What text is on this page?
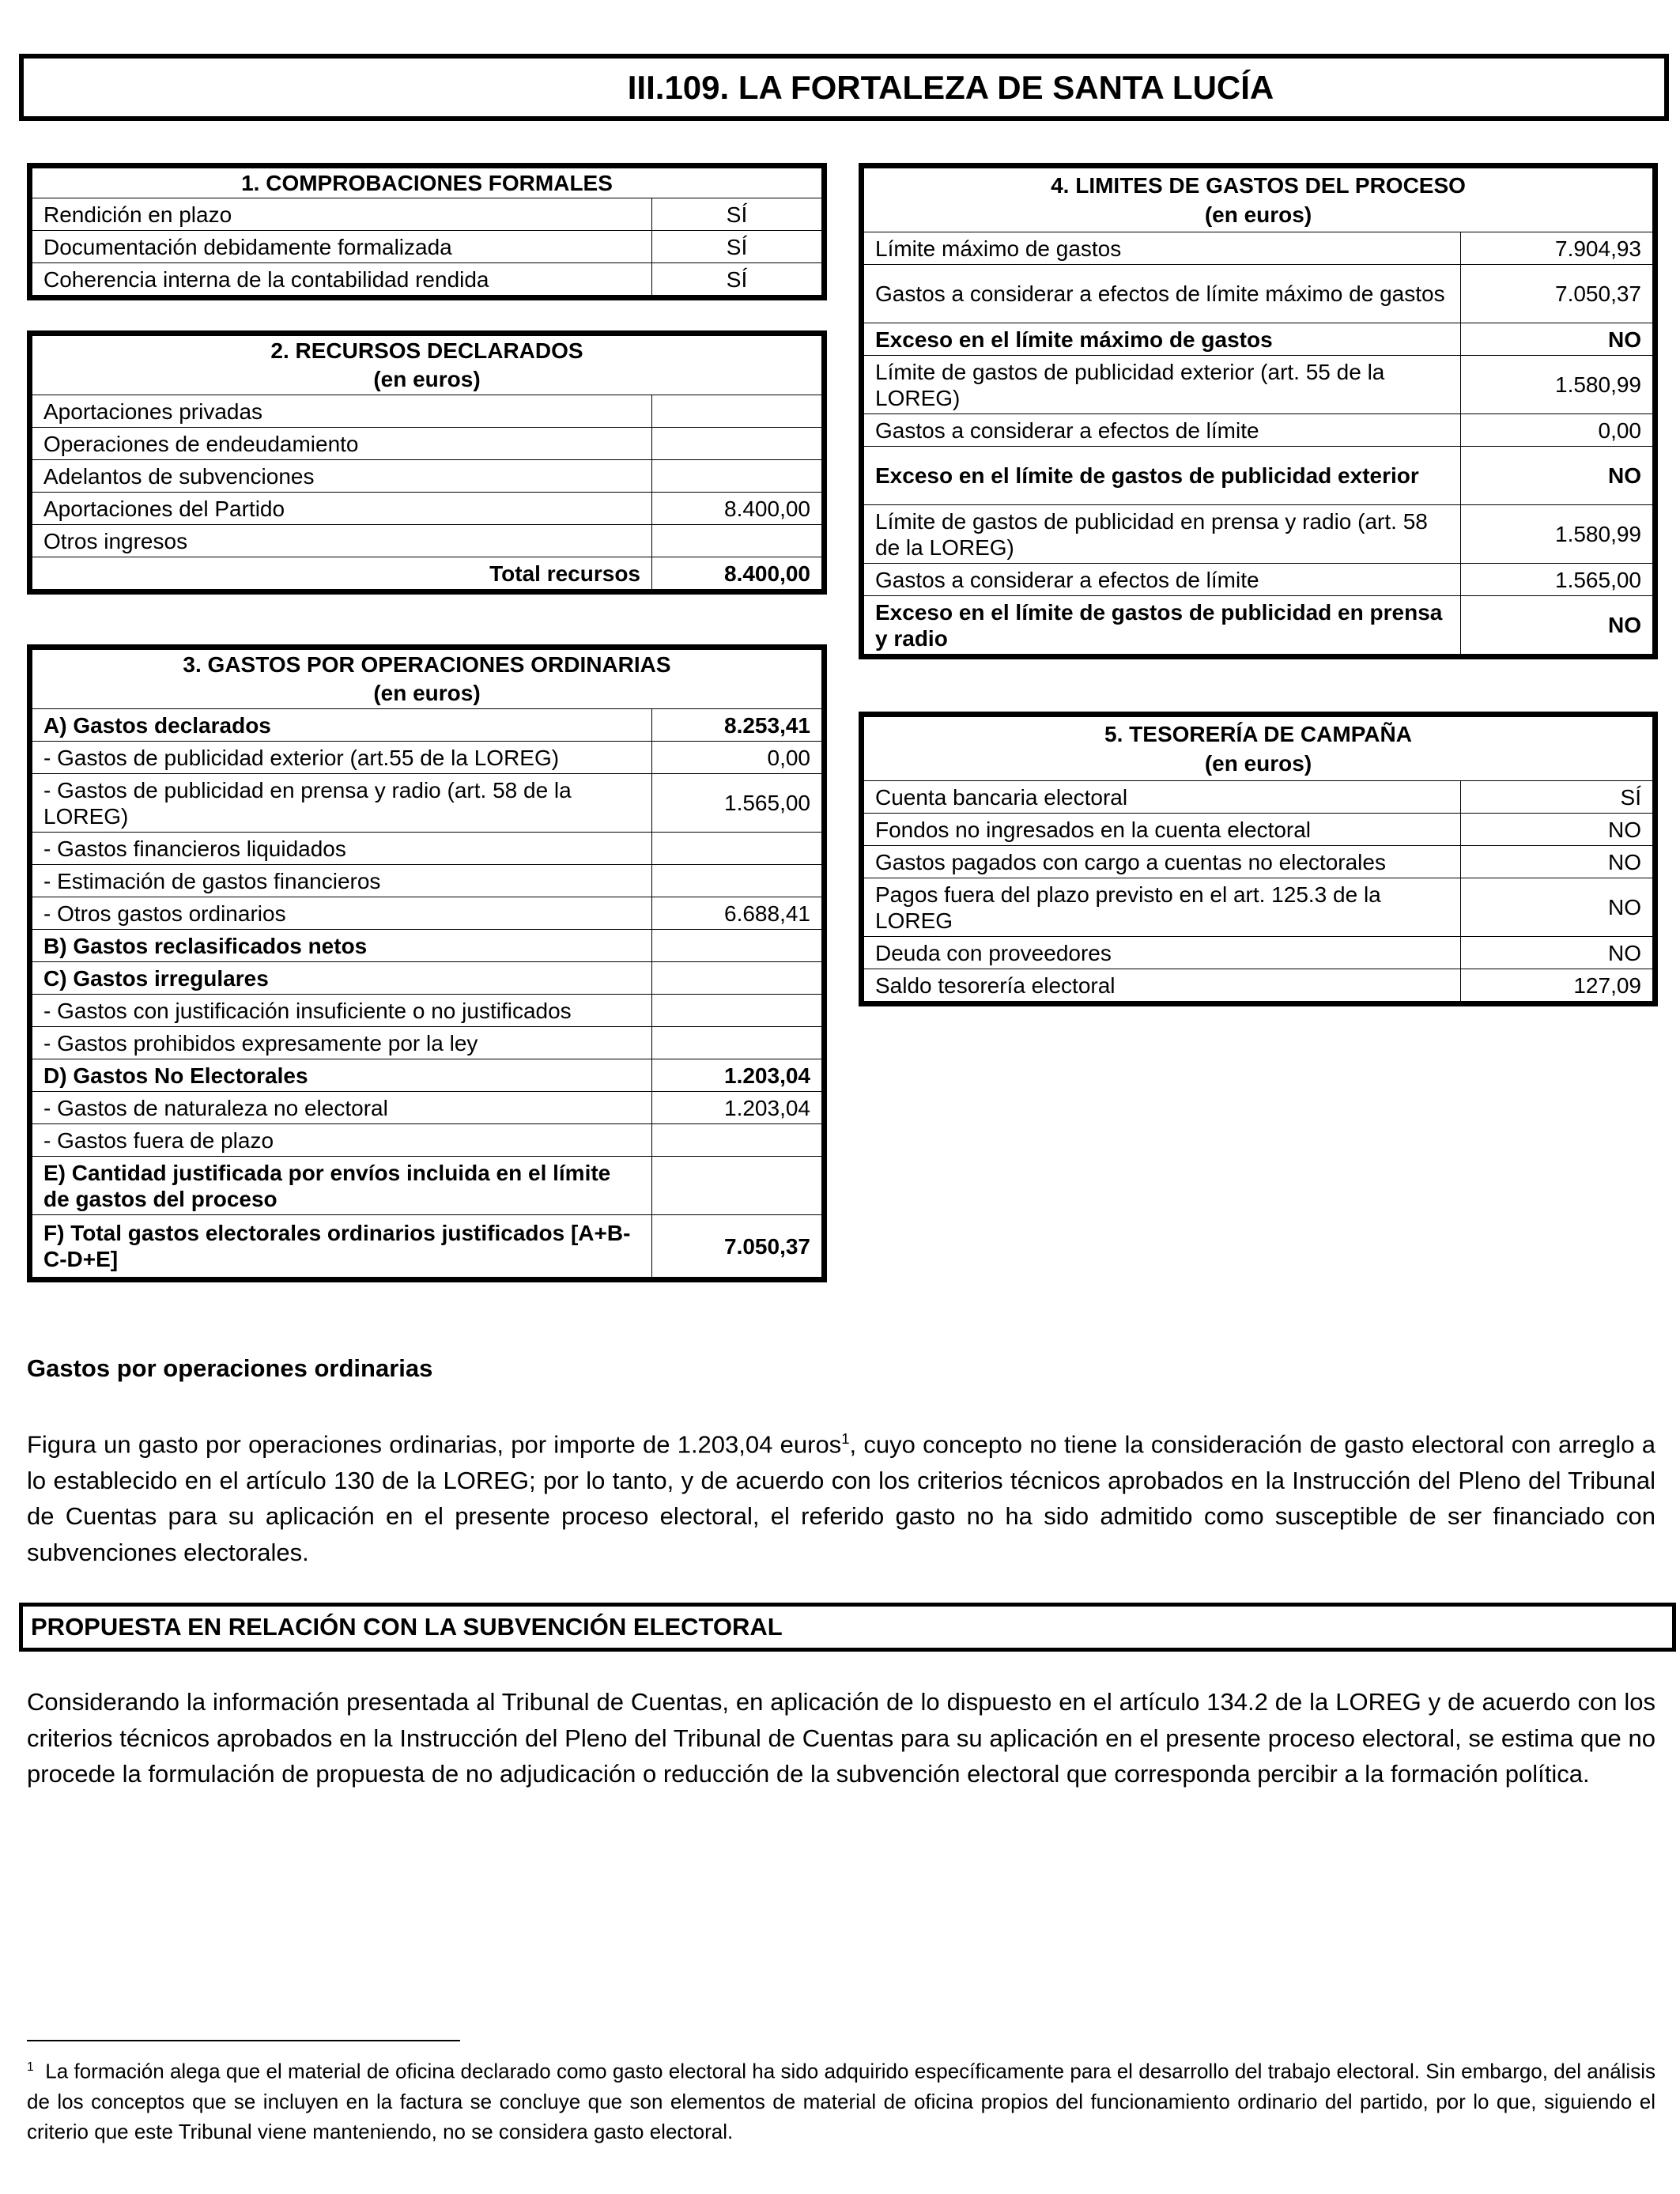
III.109. LA FORTALEZA DE SANTA LUCÍA
1. COMPROBACIONES FORMALES	
Rendición en plazo	SÍ
Documentación debidamente formalizada	SÍ
Coherencia interna de la contabilidad rendida	SÍ
2. RECURSOS DECLARADOS
(en euros)	

Aportaciones privadas	
Operaciones de endeudamiento	
Adelantos de subvenciones	
Aportaciones del Partido	8.400,00
Otros ingresos	
Total recursos	8.400,00
3. GASTOS POR OPERACIONES ORDINARIAS
(en euros)	

A) Gastos declarados	8.253,41
- Gastos de publicidad exterior (art.55 de la LOREG)	0,00
- Gastos de publicidad en prensa y radio (art. 58 de la LOREG)	1.565,00
- Gastos financieros liquidados	
- Estimación de gastos financieros	
- Otros gastos ordinarios	6.688,41
B) Gastos reclasificados netos	
C) Gastos irregulares	
- Gastos con justificación insuficiente o no justificados	
- Gastos prohibidos expresamente por la ley	
D) Gastos No Electorales	1.203,04
- Gastos de naturaleza no electoral	1.203,04
- Gastos fuera de plazo	
E) Cantidad justificada por envíos incluida en el límite de gastos del proceso	
F) Total gastos electorales ordinarios justificados [A+B-C-D+E]	7.050,37
4. LIMITES DE GASTOS DEL PROCESO
(en euros)	

Límite máximo de gastos	7.904,93
Gastos a considerar a efectos de límite máximo de gastos	7.050,37
Exceso en el límite máximo de gastos	NO
Límite de gastos de publicidad exterior (art. 55 de la LOREG)	1.580,99
Gastos a considerar a efectos de límite	0,00
Exceso en el límite de gastos de publicidad exterior	NO
Límite de gastos de publicidad en prensa y radio (art. 58 de la LOREG)	1.580,99
Gastos a considerar a efectos de límite	1.565,00
Exceso en el límite de gastos de publicidad en prensa y radio	NO
5. TESORERÍA DE CAMPAÑA
(en euros)	

Cuenta bancaria electoral	SÍ
Fondos no ingresados en la cuenta electoral	NO
Gastos pagados con cargo a cuentas no electorales	NO
Pagos fuera del plazo previsto en el art. 125.3 de la LOREG	NO
Deuda con proveedores	NO
Saldo tesorería electoral	127,09
Gastos por operaciones ordinarias
Figura un gasto por operaciones ordinarias, por importe de 1.203,04 euros$^1$, cuyo concepto no tiene la consideración de gasto electoral con arreglo a lo establecido en el artículo 130 de la LOREG; por lo tanto, y de acuerdo con los criterios técnicos aprobados en la Instrucción del Pleno del Tribunal de Cuentas para su aplicación en el presente proceso electoral, el referido gasto no ha sido admitido como susceptible de ser financiado con subvenciones electorales.
PROPUESTA EN RELACIÓN CON LA SUBVENCIÓN ELECTORAL
Considerando la información presentada al Tribunal de Cuentas, en aplicación de lo dispuesto en el artículo 134.2 de la LOREG y de acuerdo con los criterios técnicos aprobados en la Instrucción del Pleno del Tribunal de Cuentas para su aplicación en el presente proceso electoral, se estima que no procede la formulación de propuesta de no adjudicación o reducción de la subvención electoral que corresponda percibir a la formación política.
$^1$ La formación alega que el material de oficina declarado como gasto electoral ha sido adquirido específicamente para el desarrollo del trabajo electoral. Sin embargo, del análisis de los conceptos que se incluyen en la factura se concluye que son elementos de material de oficina propios del funcionamiento ordinario del partido, por lo que, siguiendo el criterio que este Tribunal viene manteniendo, no se considera gasto electoral.
